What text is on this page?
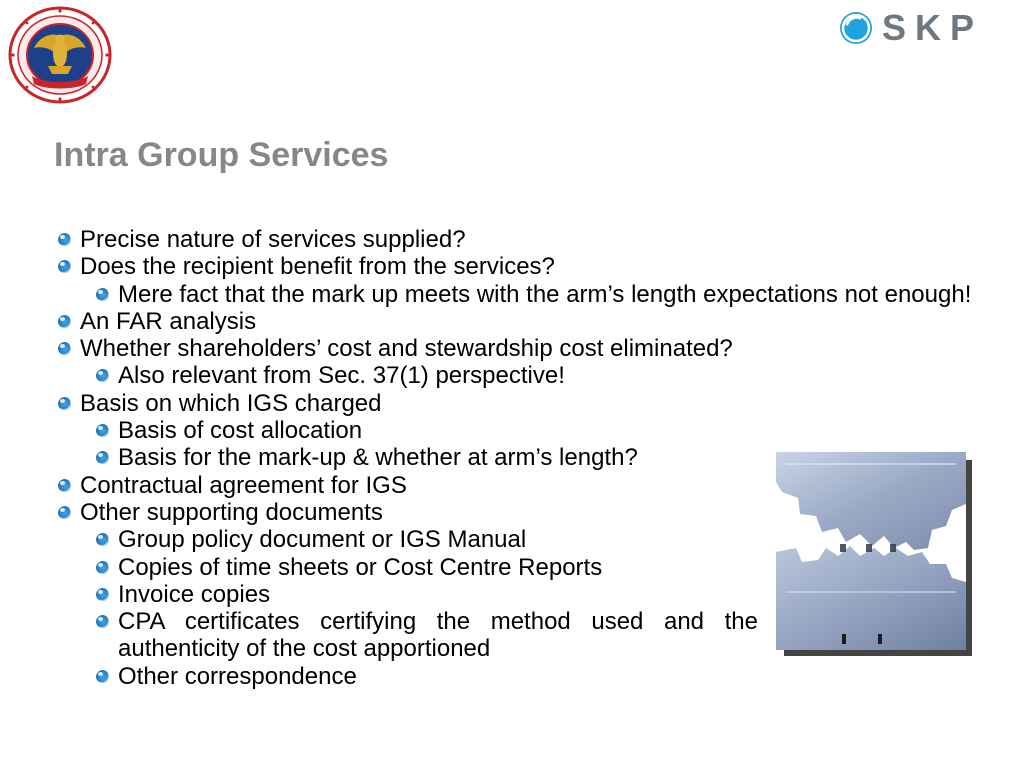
SKP
Intra Group Services
Precise nature of services supplied?
Does the recipient benefit from the services?
Mere fact that the mark up meets with the arm’s length expectations not enough!
An FAR analysis
Whether shareholders’ cost and stewardship cost eliminated?
Also relevant from Sec. 37(1) perspective!
Basis on which IGS charged
Basis of cost allocation
Basis for the mark-up & whether at arm’s length?
Contractual agreement for IGS
Other supporting documents
Group policy document or IGS Manual
Copies of time sheets or Cost Centre Reports
Invoice copies
CPA certificates certifying the method used and the authenticity of the cost apportioned
Other correspondence
